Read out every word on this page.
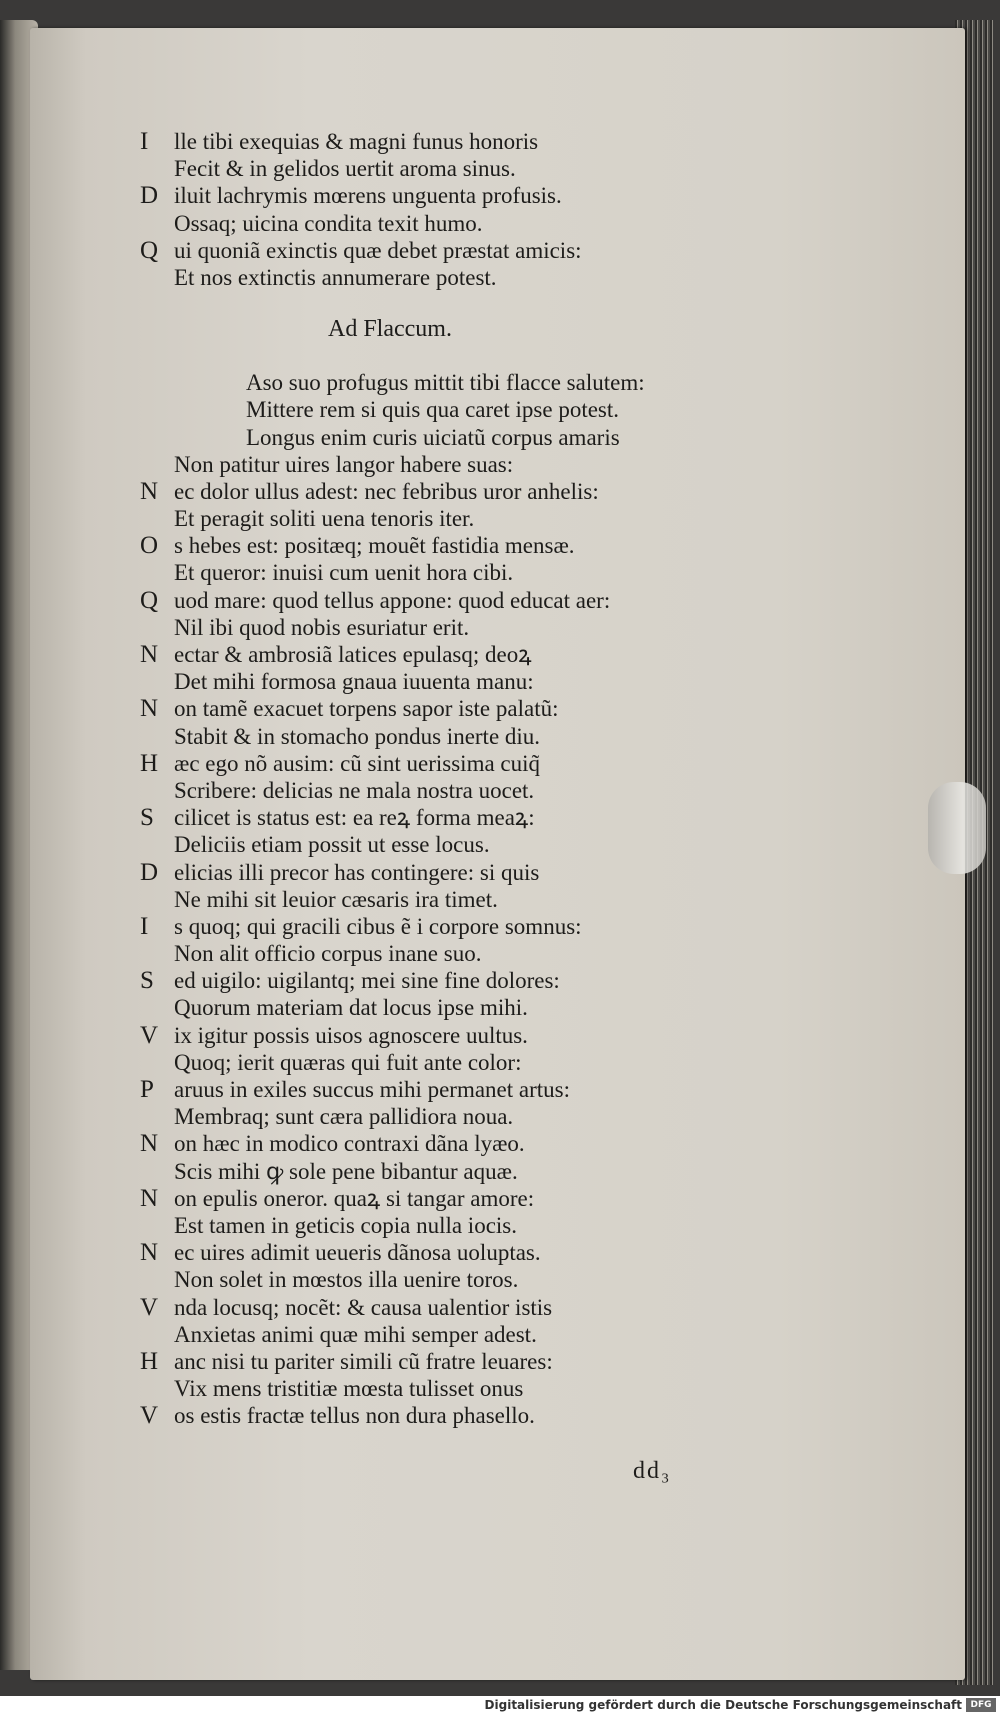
I	lle tibi exequias & magni funus honoris
Fecit & in gelidos uertit aroma sinus.
D iluit lachrymis mœrens unguenta profusis.
Ossaq; uicina condita texit humo.
Q ui quoniã exinctis quæ debet præstat amicis:
Et nos extinctis annumerare potest.
Ad Flaccum.
Aso suo profugus mittit tibi flacce salutem:
Mittere rem si quis qua caret ipse potest.
Longus enim curis uiciatũ corpus amaris
Non patitur uires langor habere suas:
N ec dolor ullus adest: nec febribus uror anhelis:
Et peragit soliti uena tenoris iter.
O s hebes est: positæq; mouẽt fastidia mensæ.
Et queror: inuisi cum uenit hora cibi.
Q uod mare: quod tellus appone: quod educat aer:
Nil ibi quod nobis esuriatur erit.
N ectar & ambrosiã latices epulasq; deoꝝ
Det mihi formosa gnaua iuuenta manu:
N on tamẽ exacuet torpens sapor iste palatũ:
Stabit & in stomacho pondus inerte diu.
H æc ego nõ ausim: cũ sint uerissima cuiq̃
Scribere: delicias ne mala nostra uocet.
S cilicet is status est: ea reꝝ forma meaꝝ:
Deliciis etiam possit ut esse locus.
D elicias illi precor has contingere: si quis
Ne mihi sit leuior cæsaris ira timet.
I	s quoq; qui gracili cibus ẽ i corpore somnus:
Non alit officio corpus inane suo.
S ed uigilo: uigilantq; mei sine fine dolores:
Quorum materiam dat locus ipse mihi.
V ix igitur possis uisos agnoscere uultus.
Quoq; ierit quæras qui fuit ante color:
P aruus in exiles succus mihi permanet artus:
Membraq; sunt cæra pallidiora noua.
N on hæc in modico contraxi dãna lyæo.
Scis mihi ꝙ sole pene bibantur aquæ.
N on epulis oneror. quaꝝ si tangar amore:
Est tamen in geticis copia nulla iocis.
N ec uires adimit ueueris dãnosa uoluptas.
Non solet in mœstos illa uenire toros.
V nda locusq; nocẽt: & causa ualentior istis
Anxietas animi quæ mihi semper adest.
H anc nisi tu pariter simili cũ fratre leuares:
Vix mens tristitiæ mœsta tulisset onus
V os estis fractæ tellus non dura phasello.
dd₃
Digitalisierung gefördert durch die Deutsche Forschungsgemeinschaft DFG
